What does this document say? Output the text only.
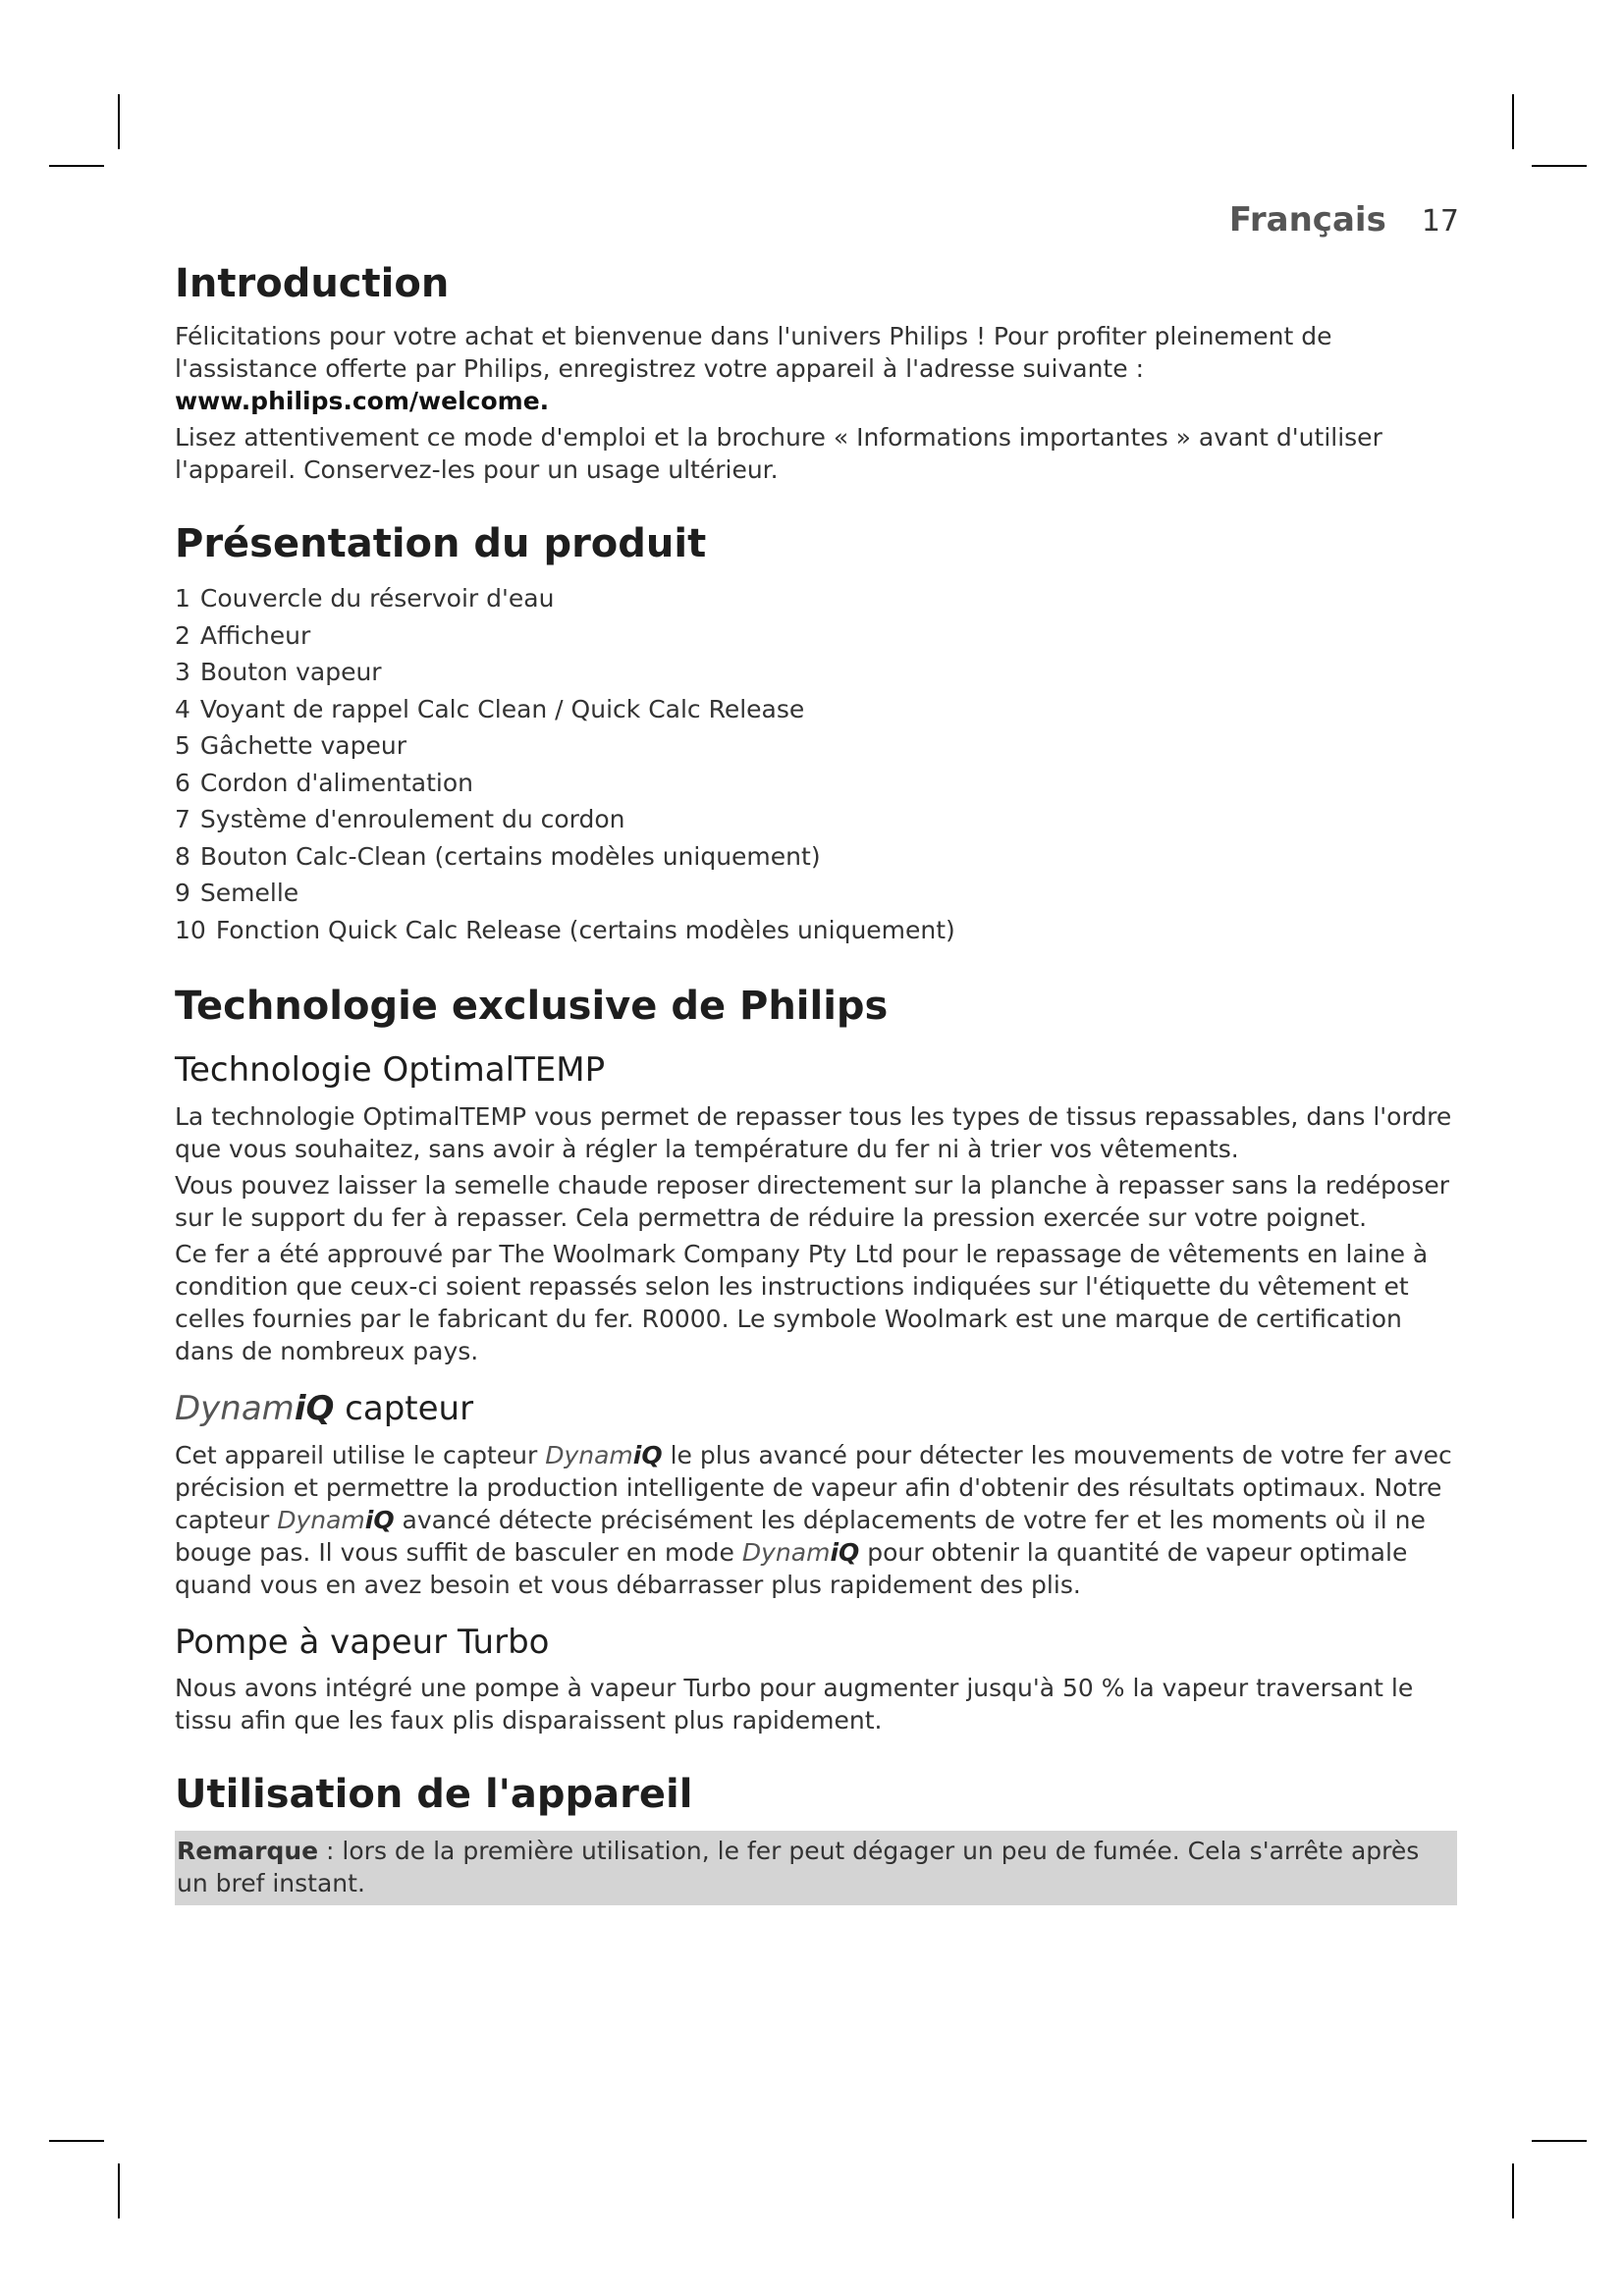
Français 17
Introduction

Félicitations pour votre achat et bienvenue dans l'univers Philips ! Pour profiter pleinement de l'assistance offerte par Philips, enregistrez votre appareil à l'adresse suivante : www.philips.com/welcome.

Lisez attentivement ce mode d'emploi et la brochure « Informations importantes » avant d'utiliser l'appareil. Conservez-les pour un usage ultérieur.

Présentation du produit
1 Couvercle du réservoir d'eau
2 Afficheur
3 Bouton vapeur
4 Voyant de rappel Calc Clean / Quick Calc Release
5 Gâchette vapeur
6 Cordon d'alimentation
7 Système d'enroulement du cordon
8 Bouton Calc-Clean (certains modèles uniquement)
9 Semelle
10 Fonction Quick Calc Release (certains modèles uniquement)
Technologie exclusive de Philips
Technologie OptimalTEMP

La technologie OptimalTEMP vous permet de repasser tous les types de tissus repassables, dans l'ordre que vous souhaitez, sans avoir à régler la température du fer ni à trier vos vêtements.

Vous pouvez laisser la semelle chaude reposer directement sur la planche à repasser sans la redéposer sur le support du fer à repasser. Cela permettra de réduire la pression exercée sur votre poignet.

Ce fer a été approuvé par The Woolmark Company Pty Ltd pour le repassage de vêtements en laine à condition que ceux-ci soient repassés selon les instructions indiquées sur l'étiquette du vêtement et celles fournies par le fabricant du fer. R0000. Le symbole Woolmark est une marque de certification dans de nombreux pays.

DynamiQ capteur

Cet appareil utilise le capteur DynamiQ le plus avancé pour détecter les mouvements de votre fer avec précision et permettre la production intelligente de vapeur afin d'obtenir des résultats optimaux. Notre capteur DynamiQ avancé détecte précisément les déplacements de votre fer et les moments où il ne bouge pas. Il vous suffit de basculer en mode DynamiQ pour obtenir la quantité de vapeur optimale quand vous en avez besoin et vous débarrasser plus rapidement des plis.

Pompe à vapeur Turbo

Nous avons intégré une pompe à vapeur Turbo pour augmenter jusqu'à 50 % la vapeur traversant le tissu afin que les faux plis disparaissent plus rapidement.

Utilisation de l'appareil

Remarque : lors de la première utilisation, le fer peut dégager un peu de fumée. Cela s'arrête après un bref instant.
